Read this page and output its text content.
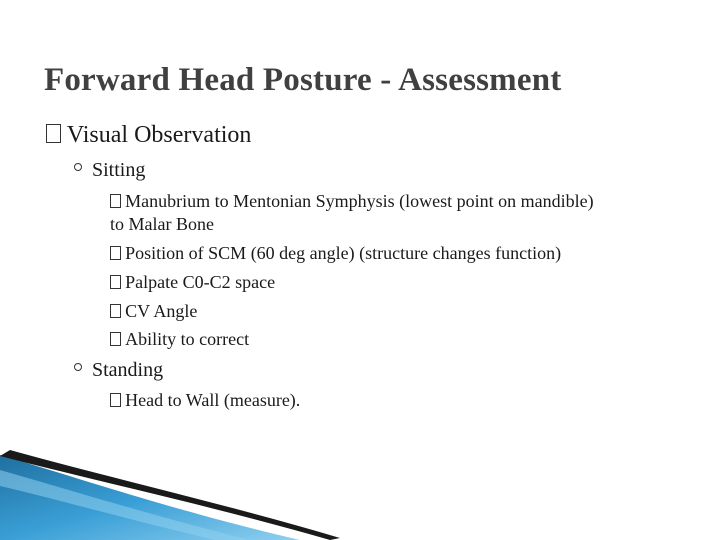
Forward Head Posture - Assessment
Visual Observation
Sitting
Manubrium to Mentonian Symphysis (lowest point on mandible)
to Malar Bone
Position of SCM (60 deg angle) (structure changes function)
Palpate C0-C2 space
CV Angle
Ability to correct
Standing
Head to Wall (measure).
